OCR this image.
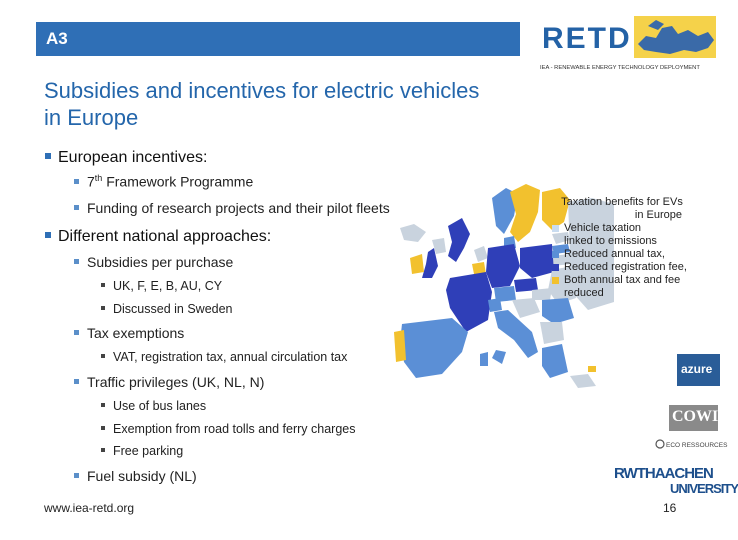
A3	RETD
IEA - RENEWABLE ENERGY TECHNOLOGY DEPLOYMENT
Subsidies and incentives for electric vehicles
in Europe
European incentives:
7th Framework Programme
Funding of research projects and their pilot fleets
Different national approaches:
Subsidies per purchase
UK, F, E, B, AU, CY
Discussed in Sweden
Tax exemptions
VAT, registration tax, annual circulation tax
Traffic privileges (UK, NL, N)
Use of bus lanes
Exemption from road tolls and ferry charges
Free parking
Fuel subsidy (NL)
Taxation benefits for EVs
in Europe
Vehicle taxation
linked to emissions
Reduced annual tax,
Reduced registration fee,
Both annual tax and fee
reduced
azure
COWI
ECO RESSOURCES
RWTHAACHEN
UNIVERSITY
www.iea-retd.org	16
